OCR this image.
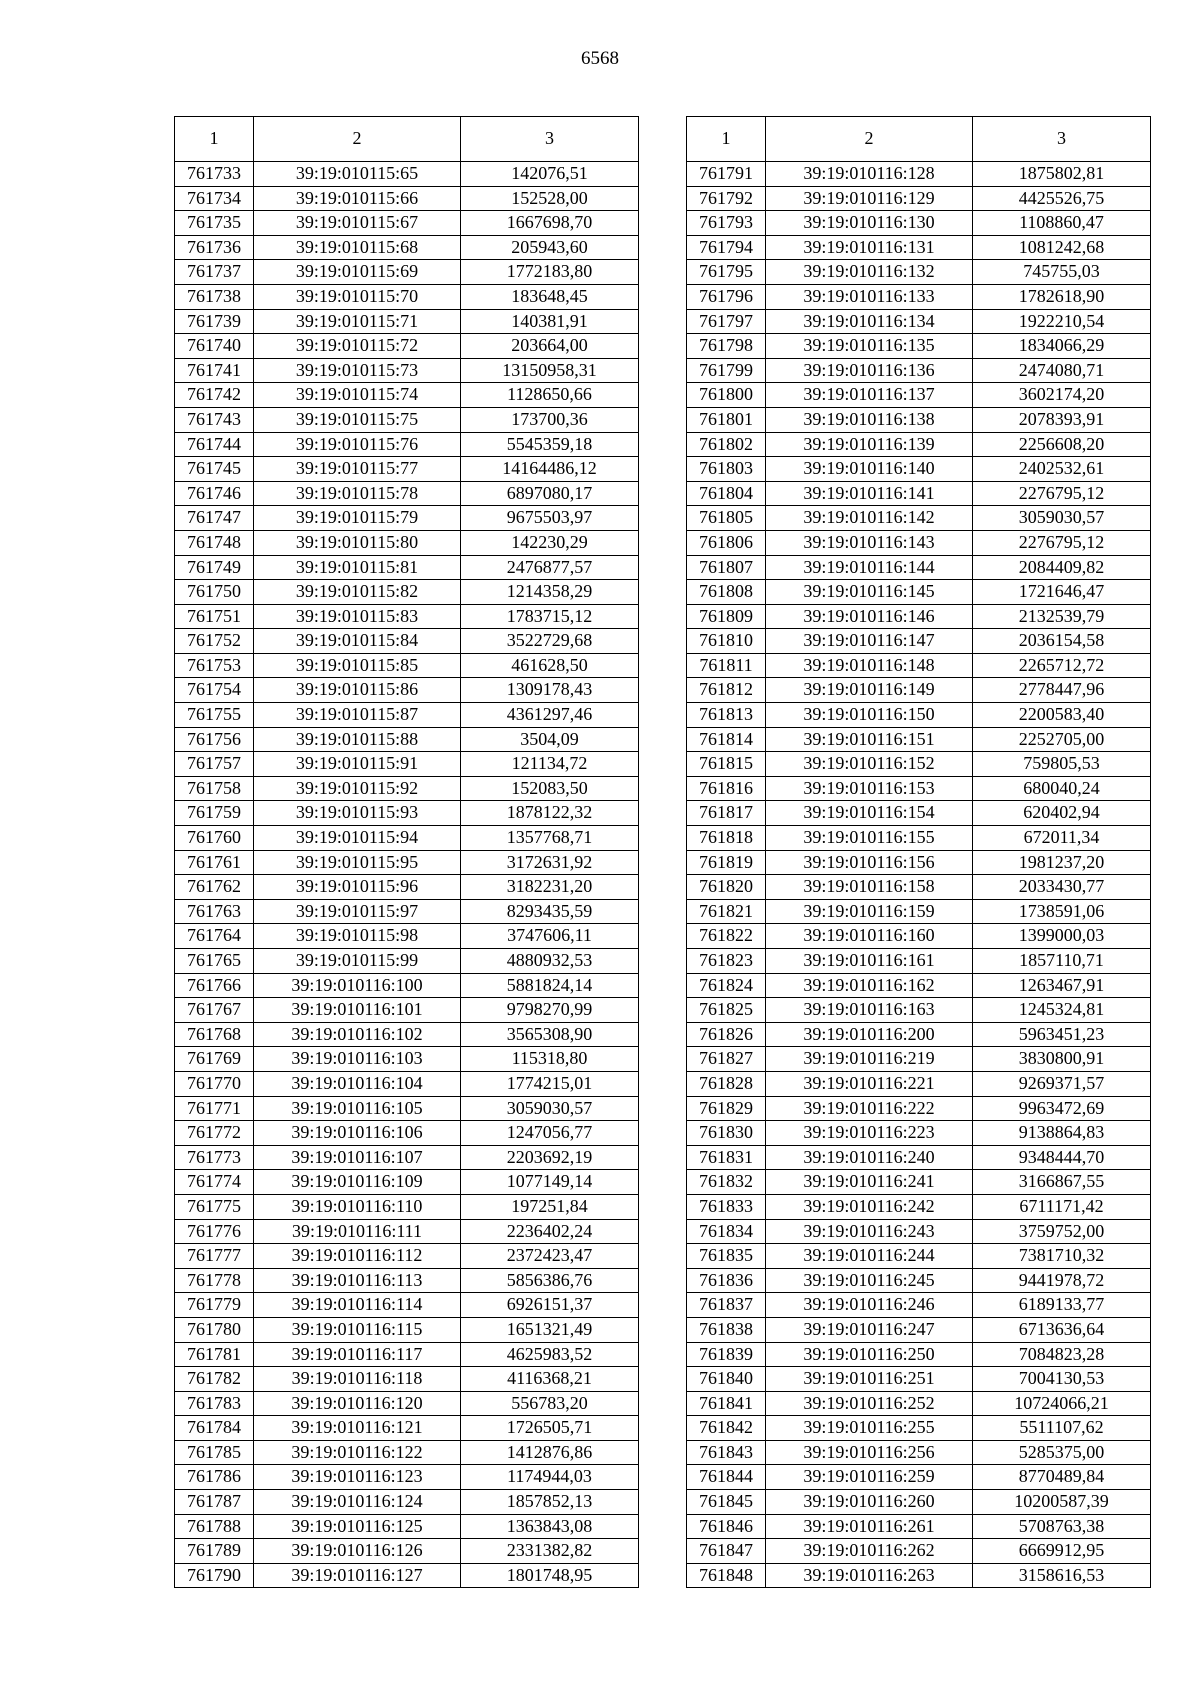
6568
1	2	3
761733	39:19:010115:65	142076,51
761734	39:19:010115:66	152528,00
761735	39:19:010115:67	1667698,70
761736	39:19:010115:68	205943,60
761737	39:19:010115:69	1772183,80
761738	39:19:010115:70	183648,45
761739	39:19:010115:71	140381,91
761740	39:19:010115:72	203664,00
761741	39:19:010115:73	13150958,31
761742	39:19:010115:74	1128650,66
761743	39:19:010115:75	173700,36
761744	39:19:010115:76	5545359,18
761745	39:19:010115:77	14164486,12
761746	39:19:010115:78	6897080,17
761747	39:19:010115:79	9675503,97
761748	39:19:010115:80	142230,29
761749	39:19:010115:81	2476877,57
761750	39:19:010115:82	1214358,29
761751	39:19:010115:83	1783715,12
761752	39:19:010115:84	3522729,68
761753	39:19:010115:85	461628,50
761754	39:19:010115:86	1309178,43
761755	39:19:010115:87	4361297,46
761756	39:19:010115:88	3504,09
761757	39:19:010115:91	121134,72
761758	39:19:010115:92	152083,50
761759	39:19:010115:93	1878122,32
761760	39:19:010115:94	1357768,71
761761	39:19:010115:95	3172631,92
761762	39:19:010115:96	3182231,20
761763	39:19:010115:97	8293435,59
761764	39:19:010115:98	3747606,11
761765	39:19:010115:99	4880932,53
761766	39:19:010116:100	5881824,14
761767	39:19:010116:101	9798270,99
761768	39:19:010116:102	3565308,90
761769	39:19:010116:103	115318,80
761770	39:19:010116:104	1774215,01
761771	39:19:010116:105	3059030,57
761772	39:19:010116:106	1247056,77
761773	39:19:010116:107	2203692,19
761774	39:19:010116:109	1077149,14
761775	39:19:010116:110	197251,84
761776	39:19:010116:111	2236402,24
761777	39:19:010116:112	2372423,47
761778	39:19:010116:113	5856386,76
761779	39:19:010116:114	6926151,37
761780	39:19:010116:115	1651321,49
761781	39:19:010116:117	4625983,52
761782	39:19:010116:118	4116368,21
761783	39:19:010116:120	556783,20
761784	39:19:010116:121	1726505,71
761785	39:19:010116:122	1412876,86
761786	39:19:010116:123	1174944,03
761787	39:19:010116:124	1857852,13
761788	39:19:010116:125	1363843,08
761789	39:19:010116:126	2331382,82
761790	39:19:010116:127	1801748,95
1	2	3
761791	39:19:010116:128	1875802,81
761792	39:19:010116:129	4425526,75
761793	39:19:010116:130	1108860,47
761794	39:19:010116:131	1081242,68
761795	39:19:010116:132	745755,03
761796	39:19:010116:133	1782618,90
761797	39:19:010116:134	1922210,54
761798	39:19:010116:135	1834066,29
761799	39:19:010116:136	2474080,71
761800	39:19:010116:137	3602174,20
761801	39:19:010116:138	2078393,91
761802	39:19:010116:139	2256608,20
761803	39:19:010116:140	2402532,61
761804	39:19:010116:141	2276795,12
761805	39:19:010116:142	3059030,57
761806	39:19:010116:143	2276795,12
761807	39:19:010116:144	2084409,82
761808	39:19:010116:145	1721646,47
761809	39:19:010116:146	2132539,79
761810	39:19:010116:147	2036154,58
761811	39:19:010116:148	2265712,72
761812	39:19:010116:149	2778447,96
761813	39:19:010116:150	2200583,40
761814	39:19:010116:151	2252705,00
761815	39:19:010116:152	759805,53
761816	39:19:010116:153	680040,24
761817	39:19:010116:154	620402,94
761818	39:19:010116:155	672011,34
761819	39:19:010116:156	1981237,20
761820	39:19:010116:158	2033430,77
761821	39:19:010116:159	1738591,06
761822	39:19:010116:160	1399000,03
761823	39:19:010116:161	1857110,71
761824	39:19:010116:162	1263467,91
761825	39:19:010116:163	1245324,81
761826	39:19:010116:200	5963451,23
761827	39:19:010116:219	3830800,91
761828	39:19:010116:221	9269371,57
761829	39:19:010116:222	9963472,69
761830	39:19:010116:223	9138864,83
761831	39:19:010116:240	9348444,70
761832	39:19:010116:241	3166867,55
761833	39:19:010116:242	6711171,42
761834	39:19:010116:243	3759752,00
761835	39:19:010116:244	7381710,32
761836	39:19:010116:245	9441978,72
761837	39:19:010116:246	6189133,77
761838	39:19:010116:247	6713636,64
761839	39:19:010116:250	7084823,28
761840	39:19:010116:251	7004130,53
761841	39:19:010116:252	10724066,21
761842	39:19:010116:255	5511107,62
761843	39:19:010116:256	5285375,00
761844	39:19:010116:259	8770489,84
761845	39:19:010116:260	10200587,39
761846	39:19:010116:261	5708763,38
761847	39:19:010116:262	6669912,95
761848	39:19:010116:263	3158616,53
